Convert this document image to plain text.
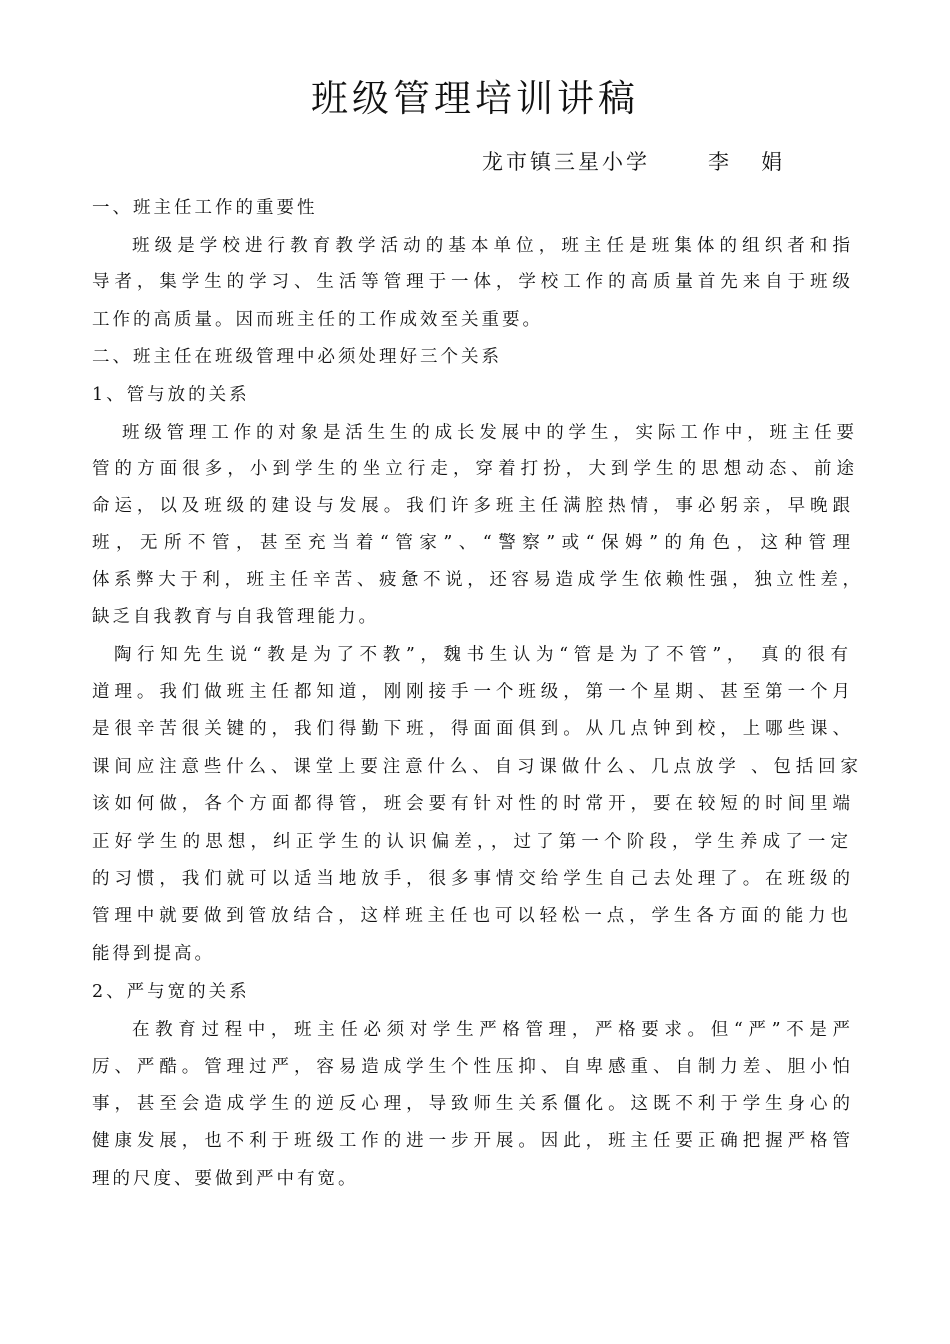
班级管理培训讲稿
龙市镇三星小学      李   娟
一、班主任工作的重要性
班级是学校进行教育教学活动的基本单位，班主任是班集体的组织者和指
导者，集学生的学习、生活等管理于一体，学校工作的高质量首先来自于班级
工作的高质量。因而班主任的工作成效至关重要。
二、班主任在班级管理中必须处理好三个关系
1、管与放的关系
班级管理工作的对象是活生生的成长发展中的学生，实际工作中，班主任要
管的方面很多，小到学生的坐立行走，穿着打扮，大到学生的思想动态、前途
命运，以及班级的建设与发展。我们许多班主任满腔热情，事必躬亲，早晚跟
班，无所不管，甚至充当着“管家”、“警察”或“保姆”的角色，这种管理
体系弊大于利，班主任辛苦、疲惫不说，还容易造成学生依赖性强，独立性差，
缺乏自我教育与自我管理能力。
陶行知先生说“教是为了不教”，魏书生认为“管是为了不管”， 真的很有
道理。我们做班主任都知道，刚刚接手一个班级，第一个星期、甚至第一个月
是很辛苦很关键的，我们得勤下班，得面面俱到。从几点钟到校，上哪些课、
课间应注意些什么、课堂上要注意什么、自习课做什么、几点放学 、包括回家
该如何做，各个方面都得管，班会要有针对性的时常开，要在较短的时间里端
正好学生的思想，纠正学生的认识偏差，，过了第一个阶段，学生养成了一定
的习惯，我们就可以适当地放手，很多事情交给学生自己去处理了。在班级的
管理中就要做到管放结合，这样班主任也可以轻松一点，学生各方面的能力也
能得到提高。
2、严与宽的关系
在教育过程中，班主任必须对学生严格管理，严格要求。但“严”不是严
厉、严酷。管理过严，容易造成学生个性压抑、自卑感重、自制力差、胆小怕
事，甚至会造成学生的逆反心理，导致师生关系僵化。这既不利于学生身心的
健康发展，也不利于班级工作的进一步开展。因此，班主任要正确把握严格管
理的尺度、要做到严中有宽。
